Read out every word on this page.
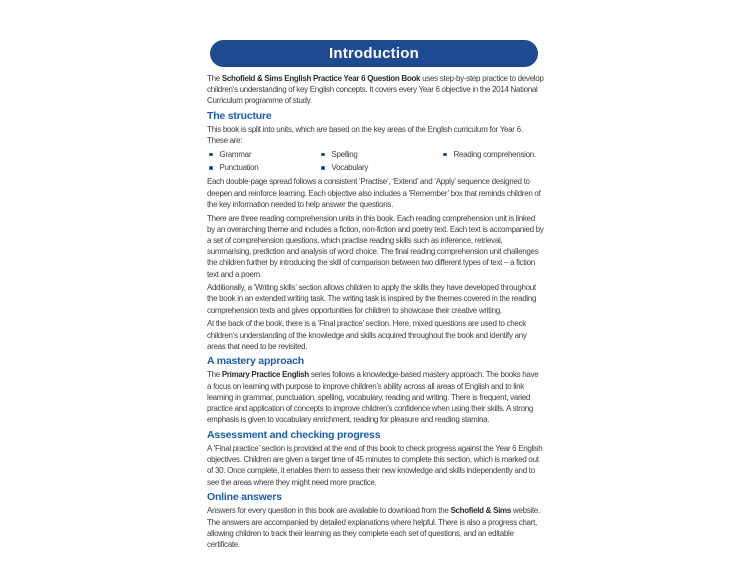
Introduction

The Schofield & Sims English Practice Year 6 Question Book uses step-by-step practice to develop children’s understanding of key English concepts. It covers every Year 6 objective in the 2014 National Curriculum programme of study.

The structure

This book is split into units, which are based on the key areas of the English curriculum for Year 6. These are:

Grammar	Spelling	Reading comprehension.
Punctuation	Vocabulary

Each double-page spread follows a consistent ‘Practise’, ‘Extend’ and ‘Apply’ sequence designed to deepen and reinforce learning. Each objective also includes a ‘Remember’ box that reminds children of the key information needed to help answer the questions.

There are three reading comprehension units in this book. Each reading comprehension unit is linked by an overarching theme and includes a fiction, non-fiction and poetry text. Each text is accompanied by a set of comprehension questions, which practise reading skills such as inference, retrieval, summarising, prediction and analysis of word choice. The final reading comprehension unit challenges the children further by introducing the skill of comparison between two different types of text – a fiction text and a poem.

Additionally, a ‘Writing skills’ section allows children to apply the skills they have developed throughout the book in an extended writing task. The writing task is inspired by the themes covered in the reading comprehension texts and gives opportunities for children to showcase their creative writing.

At the back of the book, there is a ‘Final practice’ section. Here, mixed questions are used to check children’s understanding of the knowledge and skills acquired throughout the book and identify any areas that need to be revisited.

A mastery approach

The Primary Practice English series follows a knowledge-based mastery approach. The books have a focus on learning with purpose to improve children’s ability across all areas of English and to link learning in grammar, punctuation, spelling, vocabulary, reading and writing. There is frequent, varied practice and application of concepts to improve children’s confidence when using their skills. A strong emphasis is given to vocabulary enrichment, reading for pleasure and reading stamina.

Assessment and checking progress

A ‘Final practice’ section is provided at the end of this book to check progress against the Year 6 English objectives. Children are given a target time of 45 minutes to complete this section, which is marked out of 30. Once complete, it enables them to assess their new knowledge and skills independently and to see the areas where they might need more practice.

Online answers

Answers for every question in this book are available to download from the Schofield & Sims website. The answers are accompanied by detailed explanations where helpful. There is also a progress chart, allowing children to track their learning as they complete each set of questions, and an editable certificate.
